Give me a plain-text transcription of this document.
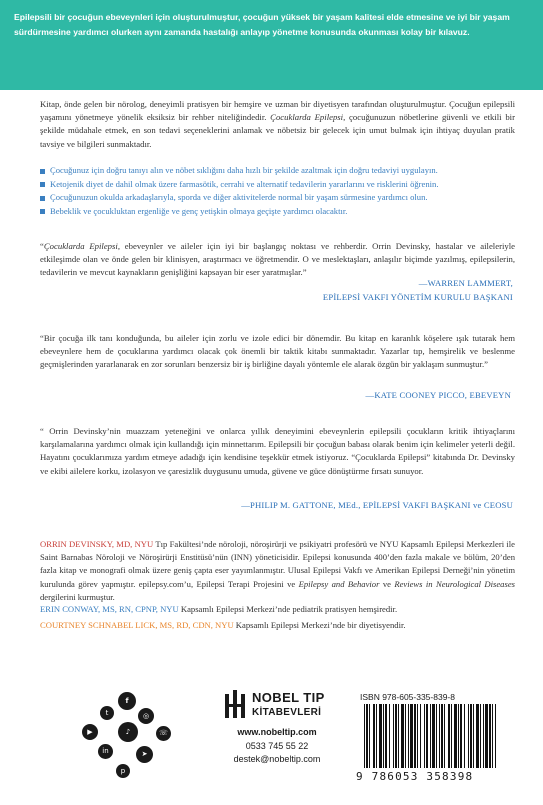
Epilepsili bir çocuğun ebeveynleri için oluşturulmuştur, çocuğun yüksek bir yaşam kalitesi elde etmesine ve iyi bir yaşam sürdürmesine yardımcı olurken aynı zamanda hastalığı anlayıp yönetme konusunda okunması kolay bir kılavuz.

Kitap, önde gelen bir nörolog, deneyimli pratisyen bir hemşire ve uzman bir diyetisyen tarafından oluşturulmuştur. Çocuğun epilepsili yaşamını yönetmeye yönelik eksiksiz bir rehber niteliğindedir. Çocuklarda Epilepsi, çocuğunuzun nöbetlerine güvenli ve etkili bir şekilde müdahale etmek, en son tedavi seçeneklerini anlamak ve nöbetsiz bir gelecek için umut bulmak için ihtiyaç duyulan pratik tavsiye ve bilgileri sunmaktadır.

Çocuğunuz için doğru tanıyı alın ve nöbet sıklığını daha hızlı bir şekilde azaltmak için doğru tedaviyi uygulayın.
Ketojenik diyet de dahil olmak üzere farmasötik, cerrahi ve alternatif tedavilerin yararlarını ve risklerini öğrenin.
Çocuğunuzun okulda arkadaşlarıyla, sporda ve diğer aktivitelerde normal bir yaşam sürmesine yardımcı olun.
Bebeklik ve çocukluktan ergenliğe ve genç yetişkin olmaya geçişte yardımcı olacaktır.

“Çocuklarda Epilepsi, ebeveynler ve aileler için iyi bir başlangıç noktası ve rehberdir. Orrin Devinsky, hastalar ve aileleriyle etkileşimde olan ve önde gelen bir klinisyen, araştırmacı ve öğretmendir. O ve meslektaşları, anlaşılır biçimde yazılmış, epilepsilerin, tedavilerin ve mevcut kaynakların genişliğini kapsayan bir eser yaratmışlar.”

—WARREN LAMMERT,
EPİLEPSİ VAKFI YÖNETİM KURULU BAŞKANI

“Bir çocuğa ilk tanı konduğunda, bu aileler için zorlu ve izole edici bir dönemdir. Bu kitap en karanlık köşelere ışık tutarak hem ebeveynlere hem de çocuklarına yardımcı olacak çok önemli bir taktik kitabı sunmaktadır. Yazarlar tıp, hemşirelik ve beslenme geçmişlerinden yararlanarak en zor sorunları benzersiz bir iş birliğine dayalı yöntemle ele alarak özgün bir yaklaşım sunmuştur.”

—KATE COONEY PICCO, EBEVEYN

“ Orrin Devinsky’nin muazzam yeteneğini ve onlarca yıllık deneyimini ebeveynlerin epilepsili çocukların kritik ihtiyaçlarını karşılamalarına yardımcı olmak için kullandığı için minnettarım. Epilepsili bir çocuğun babası olarak benim için kelimeler yeterli değil. Hayatını çocuklarımıza yardım etmeye adadığı için kendisine teşekkür etmek istiyoruz. “Çocuklarda Epilepsi” kitabında Dr. Devinsky ve ekibi ailelere korku, izolasyon ve çaresizlik duygusunu umuda, güvene ve güce dönüştürme fırsatı sunuyor.

—PHILIP M. GATTONE, MEd., EPİLEPSİ VAKFI BAŞKANI ve CEOSU

ORRIN DEVINSKY, MD, NYU Tıp Fakültesi’nde nöroloji, nöroşirürji ve psikiyatri profesörü ve NYU Kapsamlı Epilepsi Merkezleri ile Saint Barnabas Nöroloji ve Nöroşirürji Enstitüsü’nün (INN) yöneticisidir. Epilepsi konusunda 400’den fazla makale ve bölüm, 20’den fazla kitap ve monografi olmak üzere geniş çapta eser yayımlanmıştır. Ulusal Epilepsi Vakfı ve Amerikan Epilepsi Derneği’nin yönetim kurulunda görev yapmıştır. epilepsy.com’u, Epilepsi Terapi Projesini ve Epilepsy and Behavior ve Reviews in Neurological Diseases dergilerini kurmuştur.

ERIN CONWAY, MS, RN, CPNP, NYU Kapsamlı Epilepsi Merkezi’nde pediatrik pratisyen hemşiredir.

COURTNEY SCHNABEL LICK, MS, RD, CDN, NYU Kapsamlı Epilepsi Merkezi’nde bir diyetisyendir.

f
t	◎
▶	♪	☏
in	➤
p
NOBEL TIP
KİTABEVLERİ
www.nobeltip.com
0533 745 55 22
destek@nobeltip.com
ISBN 978-605-335-839-8
9 786053 358398
